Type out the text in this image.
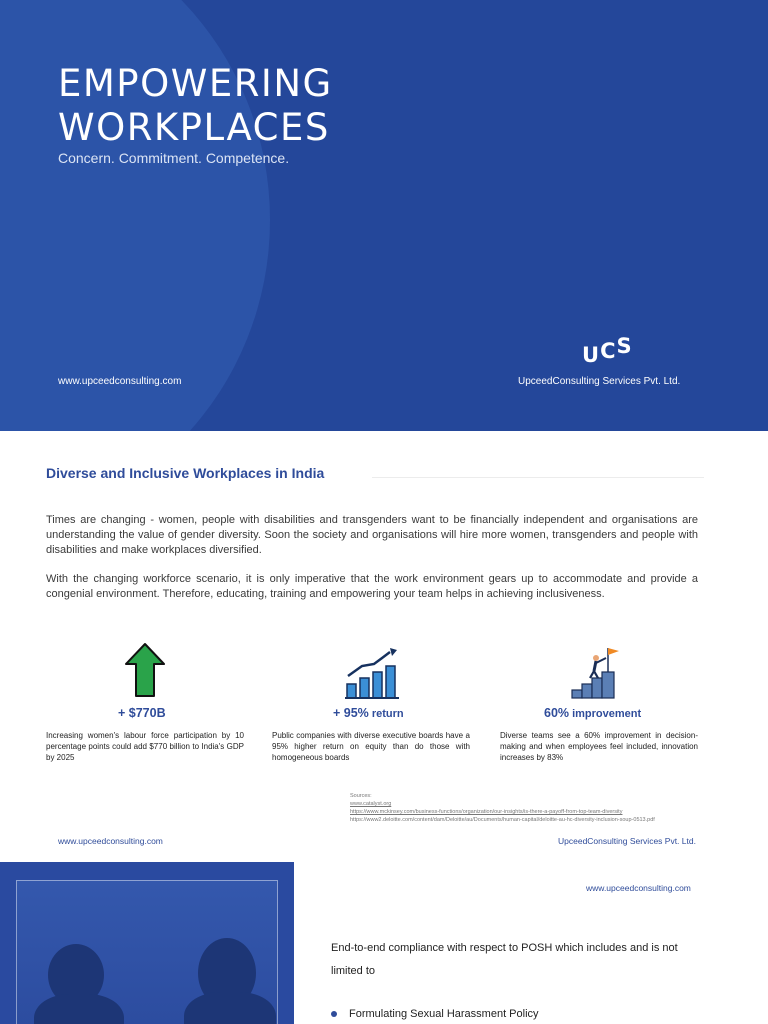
EMPOWERING
WORKPLACES
Concern. Commitment. Competence.
www.upceedconsulting.com
UCS
UpceedConsulting Services Pvt. Ltd.
Diverse and Inclusive Workplaces in India

Times are changing - women, people with disabilities and transgenders want to be financially independent and organisations are understanding the value of gender diversity. Soon the society and organisations will hire more women, transgenders and people with disabilities and make workplaces diversified.

With the changing workforce scenario, it is only imperative that the work environment gears up to accommodate and provide a congenial environment. Therefore, educating, training and empowering your team helps in achieving inclusiveness.

+ $770B

Increasing women's labour force participation by 10 percentage points could add $770 billion to India's GDP by 2025

+ 95% return

Public companies with diverse executive boards have a 95% higher return on equity than do those with homogeneous boards

60% improvement

Diverse teams see a 60% improvement in decision-making and when employees feel included, innovation increases by 83%

Sources:
www.catalyst.org
https://www.mckinsey.com/business-functions/organization/our-insights/is-there-a-payoff-from-top-team-diversity
https://www2.deloitte.com/content/dam/Deloitte/au/Documents/human-capital/deloitte-au-hc-diversity-inclusion-soup-0513.pdf
www.upceedconsulting.com	UpceedConsulting Services Pvt. Ltd.
www.upceedconsulting.com

End-to-end compliance with respect to POSH which includes and is not limited to

Formulating Sexual Harassment Policy
